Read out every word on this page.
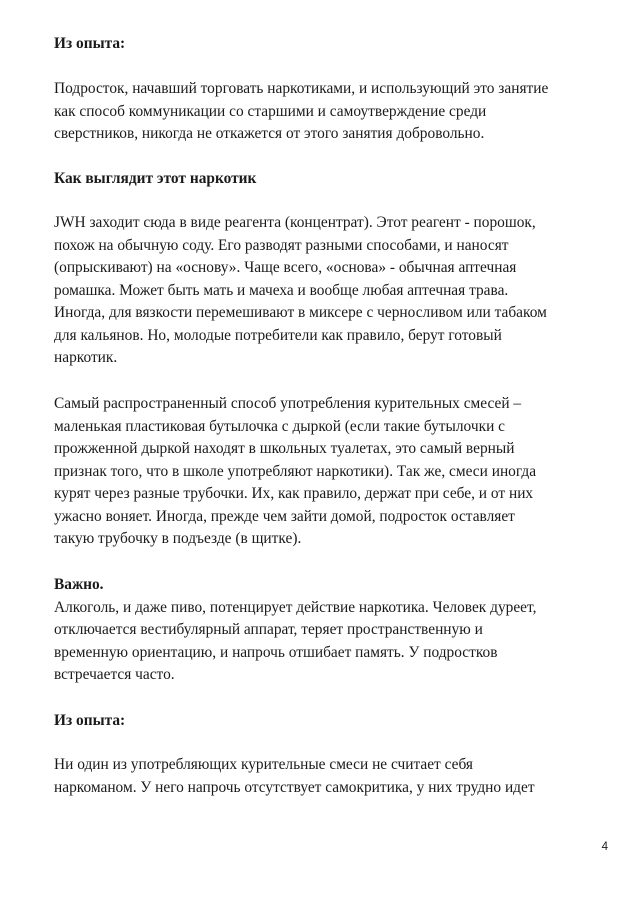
Из опыта:
Подросток, начавший торговать наркотиками, и использующий это занятие
как способ коммуникации со старшими и самоутверждение среди
сверстников, никогда не откажется от этого занятия добровольно.
Как выглядит этот наркотик
JWH заходит сюда в виде реагента (концентрат). Этот реагент - порошок,
похож на обычную соду. Его разводят разными способами, и наносят
(опрыскивают) на «основу». Чаще всего, «основа» - обычная аптечная
ромашка. Может быть мать и мачеха и вообще любая аптечная трава.
Иногда, для вязкости перемешивают в миксере с черносливом или табаком
для кальянов. Но, молодые потребители как правило, берут готовый
наркотик.
Самый распространенный способ употребления курительных смесей –
маленькая пластиковая бутылочка с дыркой (если такие бутылочки с
прожженной дыркой находят в школьных туалетах, это самый верный
признак того, что в школе употребляют наркотики). Так же, смеси иногда
курят через разные трубочки. Их, как правило, держат при себе, и от них
ужасно воняет. Иногда, прежде чем зайти домой, подросток оставляет
такую трубочку в подъезде (в щитке).
Важно.
Алкоголь, и даже пиво, потенцирует действие наркотика. Человек дуреет,
отключается вестибулярный аппарат, теряет пространственную и
временную ориентацию, и напрочь отшибает память. У подростков
встречается часто.
Из опыта:
Ни один из употребляющих курительные смеси не считает себя
наркоманом. У него напрочь отсутствует самокритика, у них трудно идет
4
